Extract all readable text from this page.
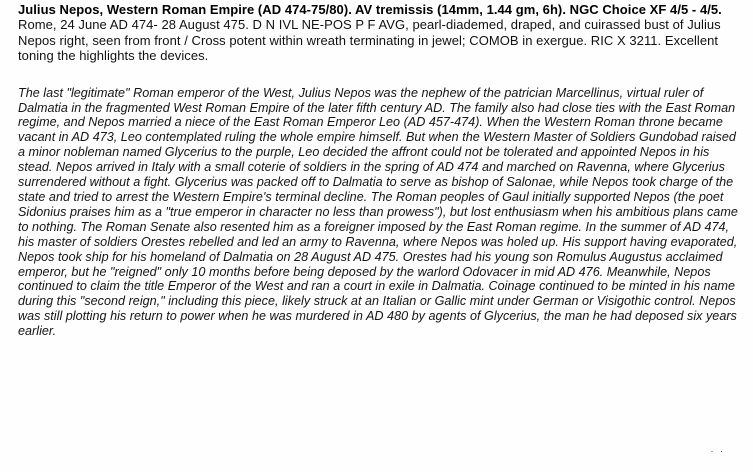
Julius Nepos, Western Roman Empire (AD 474-75/80). AV tremissis (14mm, 1.44 gm, 6h). NGC Choice XF 4/5 - 4/5. Rome, 24 June AD 474- 28 August 475. D N IVL NE-POS P F AVG, pearl-diademed, draped, and cuirassed bust of Julius Nepos right, seen from front / Cross potent within wreath terminating in jewel; COMOB in exergue. RIC X 3211. Excellent toning the highlights the devices.

The last "legitimate" Roman emperor of the West, Julius Nepos was the nephew of the patrician Marcellinus, virtual ruler of Dalmatia in the fragmented West Roman Empire of the later fifth century AD. The family also had close ties with the East Roman regime, and Nepos married a niece of the East Roman Emperor Leo (AD 457-474). When the Western Roman throne became vacant in AD 473, Leo contemplated ruling the whole empire himself. But when the Western Master of Soldiers Gundobad raised a minor nobleman named Glycerius to the purple, Leo decided the affront could not be tolerated and appointed Nepos in his stead. Nepos arrived in Italy with a small coterie of soldiers in the spring of AD 474 and marched on Ravenna, where Glycerius surrendered without a fight. Glycerius was packed off to Dalmatia to serve as bishop of Salonae, while Nepos took charge of the state and tried to arrest the Western Empire's terminal decline. The Roman peoples of Gaul initially supported Nepos (the poet Sidonius praises him as a "true emperor in character no less than prowess"), but lost enthusiasm when his ambitious plans came to nothing. The Roman Senate also resented him as a foreigner imposed by the East Roman regime. In the summer of AD 474, his master of soldiers Orestes rebelled and led an army to Ravenna, where Nepos was holed up. His support having evaporated, Nepos took ship for his homeland of Dalmatia on 28 August AD 475. Orestes had his young son Romulus Augustus acclaimed emperor, but he "reigned" only 10 months before being deposed by the warlord Odovacer in mid AD 476. Meanwhile, Nepos continued to claim the title Emperor of the West and ran a court in exile in Dalmatia. Coinage continued to be minted in his name during this "second reign," including this piece, likely struck at an Italian or Gallic mint under German or Visigothic control. Nepos was still plotting his return to power when he was murdered in AD 480 by agents of Glycerius, the man he had deposed six years earlier.

· ·
